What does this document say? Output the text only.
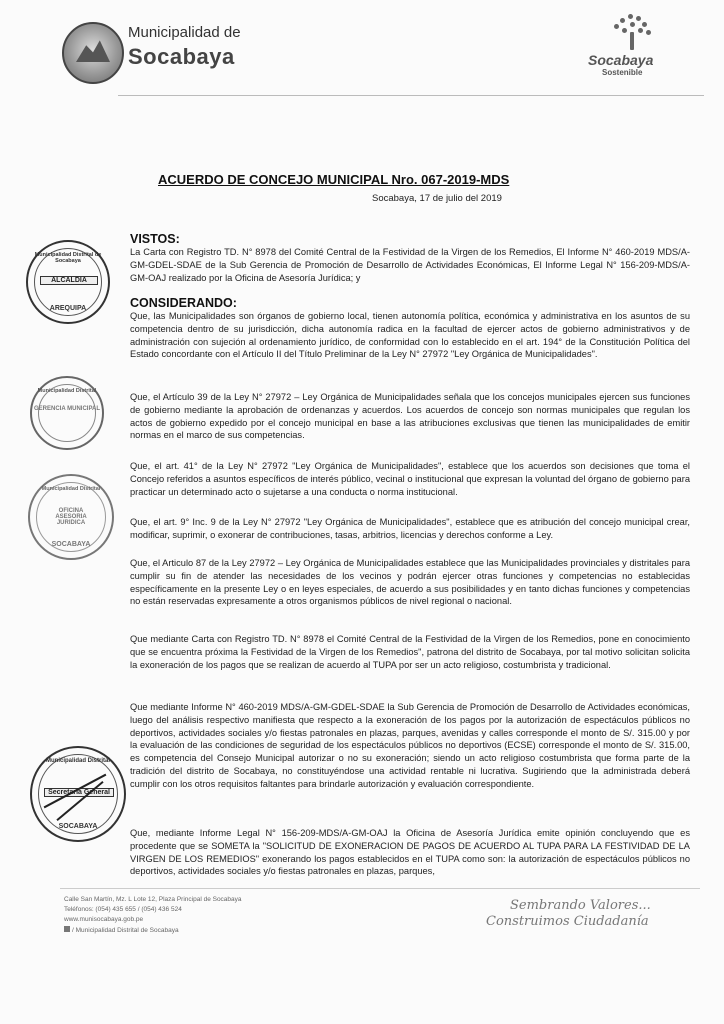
Municipalidad de
Socabaya	Socabaya
Sostenible
ACUERDO DE CONCEJO MUNICIPAL Nro. 067-2019-MDS
Socabaya, 17 de julio del 2019
VISTOS:

La Carta con Registro TD. N° 8978 del Comité Central de la Festividad de la Virgen de los Remedios, El Informe N° 460-2019 MDS/A-GM-GDEL-SDAE de la Sub Gerencia de Promoción de Desarrollo de Actividades Económicas, El Informe Legal N° 156-209-MDS/A-GM-OAJ realizado por la Oficina de Asesoría Jurídica; y

CONSIDERANDO:

Que, las Municipalidades son órganos de gobierno local, tienen autonomía política, económica y administrativa en los asuntos de su competencia dentro de su jurisdicción, dicha autonomía radica en la facultad de ejercer actos de gobierno administrativos y de administración con sujeción al ordenamiento jurídico, de conformidad con lo establecido en el art. 194° de la Constitución Política del Estado concordante con el Artículo II del Título Preliminar de la Ley N° 27972 "Ley Orgánica de Municipalidades".

Que, el Artículo 39 de la Ley N° 27972 – Ley Orgánica de Municipalidades señala que los concejos municipales ejercen sus funciones de gobierno mediante la aprobación de ordenanzas y acuerdos. Los acuerdos de concejo son normas municipales que regulan los actos de gobierno expedido por el concejo municipal en base a las atribuciones exclusivas que tienen las municipalidades de emitir normas en el marco de sus competencias.

Que, el art. 41° de la Ley N° 27972 "Ley Orgánica de Municipalidades", establece que los acuerdos son decisiones que toma el Concejo referidos a asuntos específicos de interés público, vecinal o institucional que expresan la voluntad del órgano de gobierno para practicar un determinado acto o sujetarse a una conducta o norma institucional.

Que, el art. 9° Inc. 9 de la Ley N° 27972 "Ley Orgánica de Municipalidades", establece que es atribución del concejo municipal crear, modificar, suprimir, o exonerar de contribuciones, tasas, arbitrios, licencias y derechos conforme a Ley.

Que, el Articulo 87 de la Ley 27972 – Ley Orgánica de Municipalidades establece que las Municipalidades provinciales y distritales para cumplir su fin de atender las necesidades de los vecinos y podrán ejercer otras funciones y competencias no establecidas específicamente en la presente Ley o en leyes especiales, de acuerdo a sus posibilidades y en tanto dichas funciones y competencias no están reservadas expresamente a otros organismos públicos de nivel regional o nacional.

Que mediante Carta con Registro TD. N° 8978 el Comité Central de la Festividad de la Virgen de los Remedios, pone en conocimiento que se encuentra próxima la Festividad de la Virgen de los Remedios", patrona del distrito de Socabaya, por tal motivo solicitan solicita la exoneración de los pagos que se realizan de acuerdo al TUPA por ser un acto religioso, costumbrista y tradicional.

Que mediante Informe N° 460-2019 MDS/A-GM-GDEL-SDAE la Sub Gerencia de Promoción de Desarrollo de Actividades económicas, luego del análisis respectivo manifiesta que respecto a la exoneración de los pagos por la autorización de espectáculos públicos no deportivos, actividades sociales y/o fiestas patronales en plazas, parques, avenidas y calles corresponde el monto de S/. 315.00 y por la evaluación de las condiciones de seguridad de los espectáculos públicos no deportivos (ECSE) corresponde el monto de S/. 315.00, es competencia del Consejo Municipal autorizar o no su exoneración; siendo un acto religioso costumbrista que forma parte de la tradición del distrito de Socabaya, no constituyéndose una actividad rentable ni lucrativa. Sugiriendo que la administrada deberá cumplir con los otros requisitos faltantes para brindarle autorización y evaluación correspondiente.

Que, mediante Informe Legal N° 156-209-MDS/A-GM-OAJ la Oficina de Asesoría Jurídica emite opinión concluyendo que es procedente que se SOMETA la "SOLICITUD DE EXONERACION DE PAGOS DE ACUERDO AL TUPA PARA LA FESTIVIDAD DE LA VIRGEN DE LOS REMEDIOS" exonerando los pagos establecidos en el TUPA como son: la autorización de espectáculos públicos no deportivos, actividades sociales y/o fiestas patronales en plazas, parques,

Municipalidad Distrital de Socabaya
ALCALDIA
AREQUIPA
Municipalidad Distrital
GERENCIA MUNICIPAL
Municipalidad Distrital
OFICINA ASESORIA JURIDICA
SOCABAYA
Municipalidad Distrital
Secretaría General
SOCABAYA
Calle San Martín, Mz. L Lote 12, Plaza Principal de Socabaya
Teléfonos: (054) 435 655 / (054) 436 524
www.munisocabaya.gob.pe
/ Municipalidad Distrital de Socabaya
Sembrando Valores...
Construimos Ciudadanía
